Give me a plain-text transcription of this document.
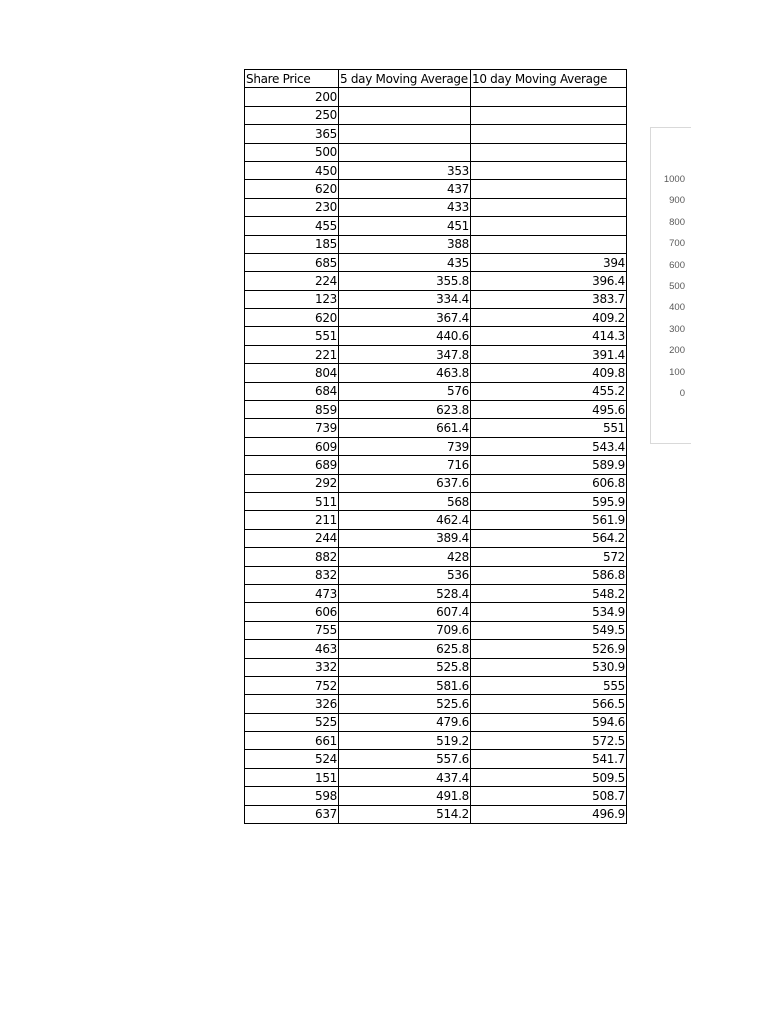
Share Price	5 day Moving Average	10 day Moving Average
200		
250		
365		
500		
450	353	
620	437	
230	433	
455	451	
185	388	
685	435	394
224	355.8	396.4
123	334.4	383.7
620	367.4	409.2
551	440.6	414.3
221	347.8	391.4
804	463.8	409.8
684	576	455.2
859	623.8	495.6
739	661.4	551
609	739	543.4
689	716	589.9
292	637.6	606.8
511	568	595.9
211	462.4	561.9
244	389.4	564.2
882	428	572
832	536	586.8
473	528.4	548.2
606	607.4	534.9
755	709.6	549.5
463	625.8	526.9
332	525.8	530.9
752	581.6	555
326	525.6	566.5
525	479.6	594.6
661	519.2	572.5
524	557.6	541.7
151	437.4	509.5
598	491.8	508.7
637	514.2	496.9
1000
900
800
700
600
500
400
300
200
100
0
